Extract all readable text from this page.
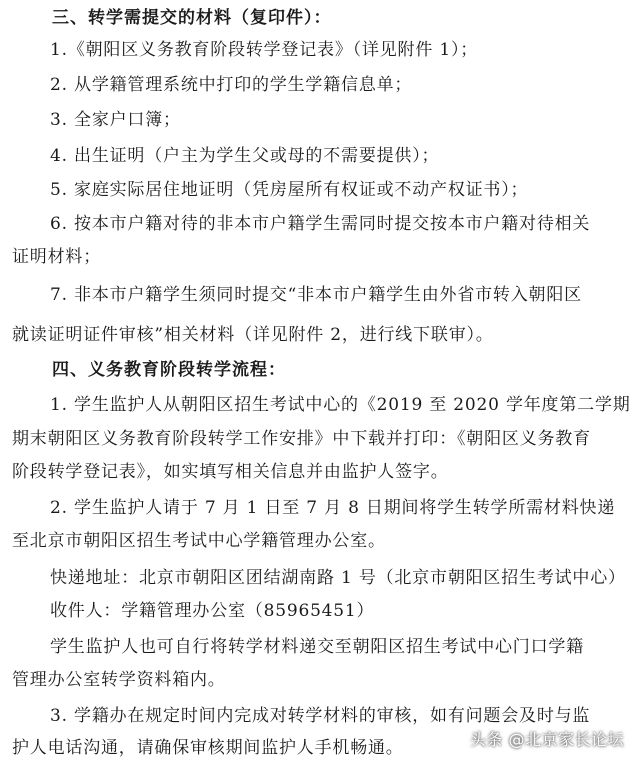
三、转学需提交的材料（复印件）：
1.《朝阳区义务教育阶段转学登记表》（详见附件 1）；
2. 从学籍管理系统中打印的学生学籍信息单；
3. 全家户口簿；
4. 出生证明（户主为学生父或母的不需要提供）；
5. 家庭实际居住地证明（凭房屋所有权证或不动产权证书）；
6. 按本市户籍对待的非本市户籍学生需同时提交按本市户籍对待相关
证明材料；
7. 非本市户籍学生须同时提交“非本市户籍学生由外省市转入朝阳区
就读证明证件审核”相关材料（详见附件 2，进行线下联审）。
四、义务教育阶段转学流程：
1. 学生监护人从朝阳区招生考试中心的《2019 至 2020 学年度第二学期
期末朝阳区义务教育阶段转学工作安排》中下载并打印：《朝阳区义务教育
阶段转学登记表》，如实填写相关信息并由监护人签字。
2. 学生监护人请于 7 月 1 日至 7 月 8 日期间将学生转学所需材料快递
至北京市朝阳区招生考试中心学籍管理办公室。
快递地址：北京市朝阳区团结湖南路 1 号（北京市朝阳区招生考试中心）
收件人：学籍管理办公室（85965451）
学生监护人也可自行将转学材料递交至朝阳区招生考试中心门口学籍
管理办公室转学资料箱内。
3. 学籍办在规定时间内完成对转学材料的审核，如有问题会及时与监
护人电话沟通，请确保审核期间监护人手机畅通。	头条 @北京家长论坛
